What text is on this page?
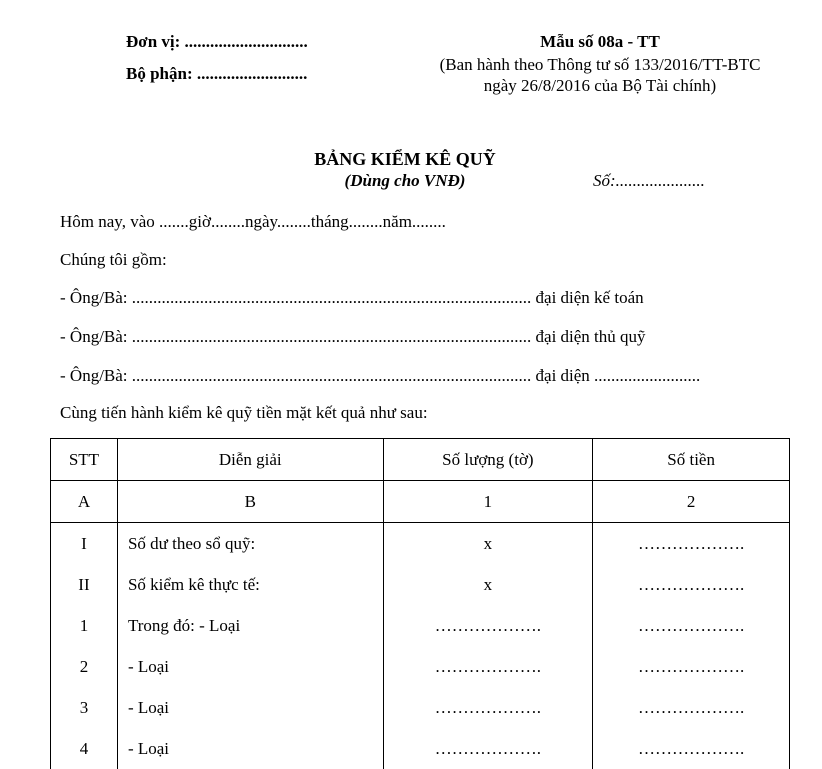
Đơn vị: .............................
Bộ phận: ..........................
Mẫu số 08a - TT
(Ban hành theo Thông tư số 133/2016/TT-BTC
ngày 26/8/2016 của Bộ Tài chính)
BẢNG KIỂM KÊ QUỸ
(Dùng cho VNĐ)	Số:.....................
Hôm nay, vào .......giờ........ngày........tháng........năm........
Chúng tôi gồm:
- Ông/Bà: .............................................................................................. đại diện kế toán
- Ông/Bà: .............................................................................................. đại diện thủ quỹ
- Ông/Bà: .............................................................................................. đại diện .........................
Cùng tiến hành kiểm kê quỹ tiền mặt kết quả như sau:
STT	Diễn giải	Số lượng (tờ)	Số tiền
A	B	1	2
I	Số dư theo sổ quỹ:	x	……………….
II	Số kiểm kê thực tế:	x	……………….
1	Trong đó: - Loại	……………….	……………….
2	- Loại	……………….	……………….
3	- Loại	……………….	……………….
4	- Loại	……………….	……………….
